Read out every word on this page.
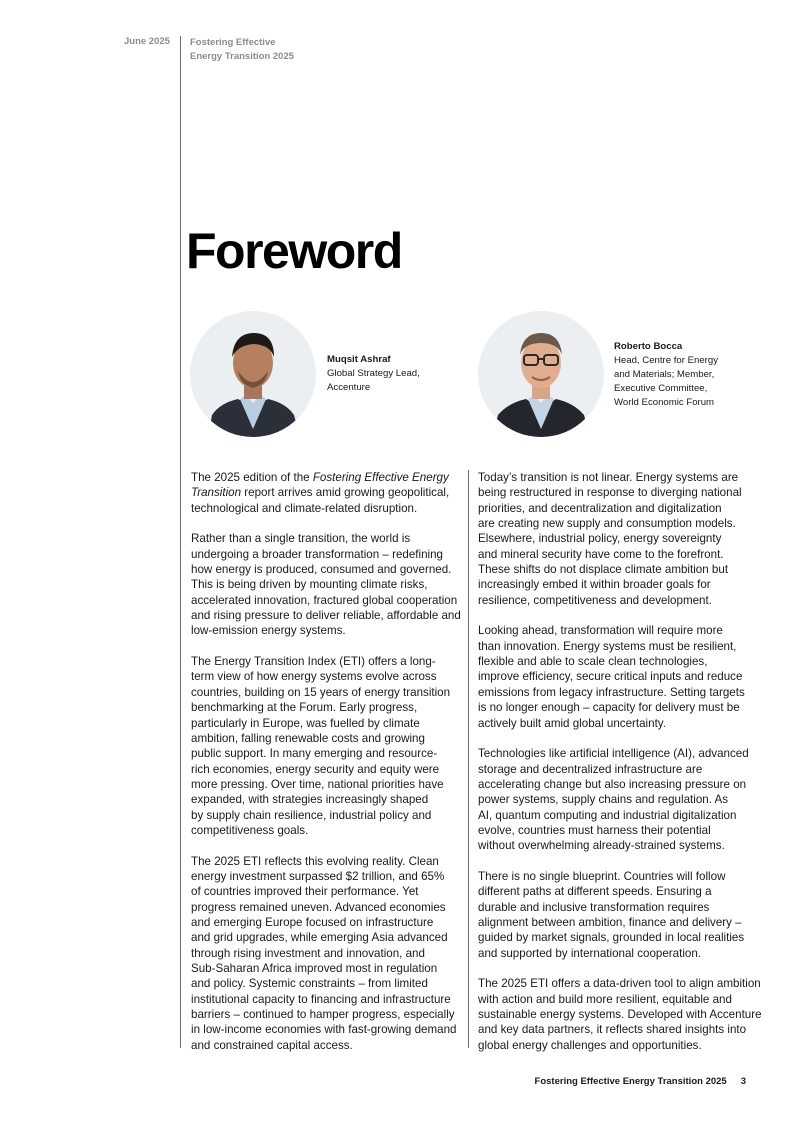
June 2025 Fostering Effective
Energy Transition 2025
Foreword
Muqsit Ashraf
Global Strategy Lead,
Accenture
Roberto Bocca
Head, Centre for Energy
and Materials; Member,
Executive Committee,
World Economic Forum

The 2025 edition of the Fostering Effective Energy
Transition report arrives amid growing geopolitical,
technological and climate-related disruption.

Rather than a single transition, the world is
undergoing a broader transformation – redefining
how energy is produced, consumed and governed.
This is being driven by mounting climate risks,
accelerated innovation, fractured global cooperation
and rising pressure to deliver reliable, affordable and
low-emission energy systems.

The Energy Transition Index (ETI) offers a long-
term view of how energy systems evolve across
countries, building on 15 years of energy transition
benchmarking at the Forum. Early progress,
particularly in Europe, was fuelled by climate
ambition, falling renewable costs and growing
public support. In many emerging and resource-
rich economies, energy security and equity were
more pressing. Over time, national priorities have
expanded, with strategies increasingly shaped
by supply chain resilience, industrial policy and
competitiveness goals.

The 2025 ETI reflects this evolving reality. Clean
energy investment surpassed $2 trillion, and 65%
of countries improved their performance. Yet
progress remained uneven. Advanced economies
and emerging Europe focused on infrastructure
and grid upgrades, while emerging Asia advanced
through rising investment and innovation, and
Sub-Saharan Africa improved most in regulation
and policy. Systemic constraints – from limited
institutional capacity to financing and infrastructure
barriers – continued to hamper progress, especially
in low-income economies with fast-growing demand
and constrained capital access.

Today’s transition is not linear. Energy systems are
being restructured in response to diverging national
priorities, and decentralization and digitalization
are creating new supply and consumption models.
Elsewhere, industrial policy, energy sovereignty
and mineral security have come to the forefront.
These shifts do not displace climate ambition but
increasingly embed it within broader goals for
resilience, competitiveness and development.

Looking ahead, transformation will require more
than innovation. Energy systems must be resilient,
flexible and able to scale clean technologies,
improve efficiency, secure critical inputs and reduce
emissions from legacy infrastructure. Setting targets
is no longer enough – capacity for delivery must be
actively built amid global uncertainty.

Technologies like artificial intelligence (AI), advanced
storage and decentralized infrastructure are
accelerating change but also increasing pressure on
power systems, supply chains and regulation. As
AI, quantum computing and industrial digitalization
evolve, countries must harness their potential
without overwhelming already-strained systems.

There is no single blueprint. Countries will follow
different paths at different speeds. Ensuring a
durable and inclusive transformation requires
alignment between ambition, finance and delivery –
guided by market signals, grounded in local realities
and supported by international cooperation.

The 2025 ETI offers a data-driven tool to align ambition
with action and build more resilient, equitable and
sustainable energy systems. Developed with Accenture
and key data partners, it reflects shared insights into
global energy challenges and opportunities.

Fostering Effective Energy Transition 2025 3
